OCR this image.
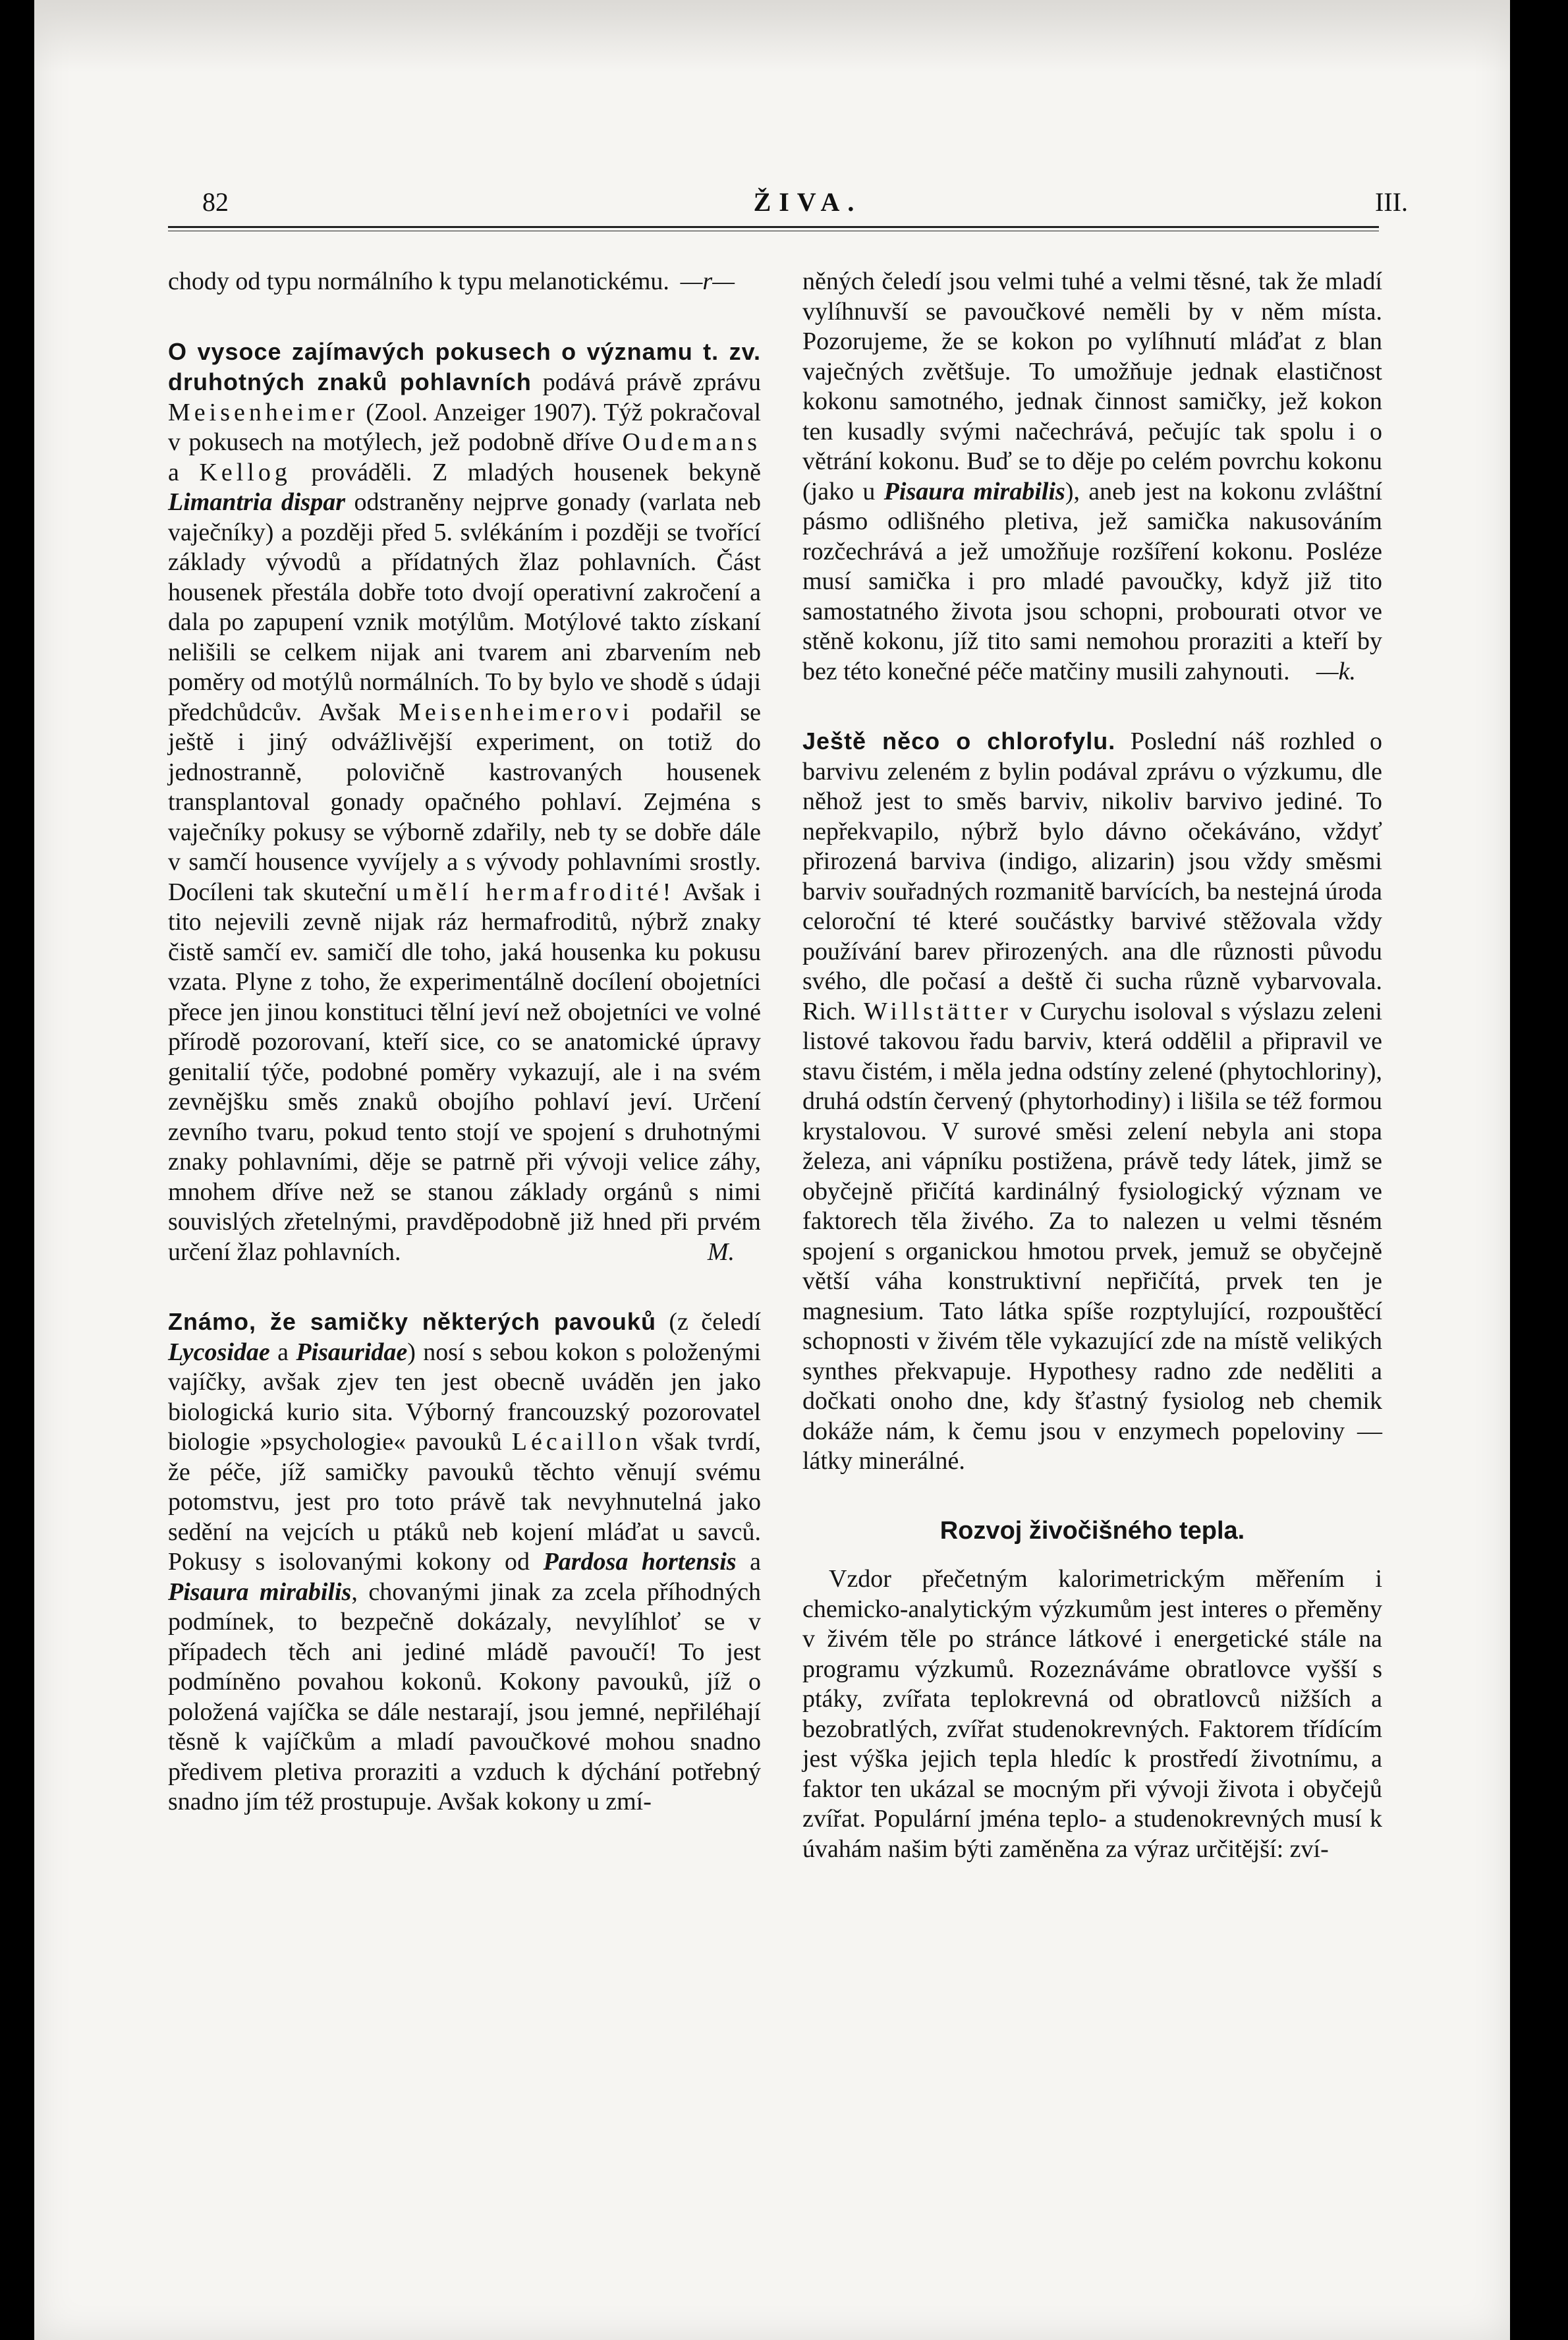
82	ŽIVA.	III.

chody od typu normálního k typu melanotickému. —r—

O vysoce zajímavých pokusech o významu t. zv. druhotných znaků pohlavních podává právě zprávu Meisenheimer (Zool. Anzeiger 1907). Týž pokračoval v pokusech na motýlech, jež podobně dříve Oudemans a Kellog prováděli. Z mladých housenek bekyně Limantria dispar odstraněny nejprve gonady (varlata neb vaječníky) a později před 5. svlékáním i později se tvořící základy vývodů a přídatných žlaz pohlavních. Část housenek přestála dobře toto dvojí operativní zakročení a dala po zapupení vznik motýlům. Motýlové takto získaní nelišili se celkem nijak ani tvarem ani zbarvením neb poměry od motýlů normálních. To by bylo ve shodě s údaji předchůdcův. Avšak Meisenheimerovi podařil se ještě i jiný odvážlivější experiment, on totiž do jednostranně, polovičně kastrovaných housenek transplantoval gonady opačného pohlaví. Zejména s vaječníky pokusy se výborně zdařily, neb ty se dobře dále v samčí housence vyvíjely a s vývody pohlavními srostly. Docíleni tak skuteční umělí hermafrodité! Avšak i tito nejevili zevně nijak ráz hermafroditů, nýbrž znaky čistě samčí ev. samičí dle toho, jaká housenka ku pokusu vzata. Plyne z toho, že experimentálně docílení obojetníci přece jen jinou konstituci tělní jeví než obojetníci ve volné přírodě pozorovaní, kteří sice, co se anatomické úpravy genitalií týče, podobné poměry vykazují, ale i na svém zevnějšku směs znaků obojího pohlaví jeví. Určení zevního tvaru, pokud tento stojí ve spojení s druhotnými znaky pohlavními, děje se patrně při vývoji velice záhy, mnohem dříve než se stanou základy orgánů s nimi souvislých zřetelnými, pravděpodobně již hned při prvém určení žlaz pohlavních.	M.

Známo, že samičky některých pavouků (z čeledí Lycosidae a Pisauridae) nosí s sebou kokon s položenými vajíčky, avšak zjev ten jest obecně uváděn jen jako biologická kurio sita. Výborný francouzský pozorovatel biologie »psychologie« pavouků Lécaillon však tvrdí, že péče, jíž samičky pavouků těchto věnují svému potomstvu, jest pro toto právě tak nevyhnutelná jako sedění na vejcích u ptáků neb kojení mláďat u savců. Pokusy s isolovanými kokony od Pardosa hortensis a Pisaura mirabilis, chovanými jinak za zcela příhodných podmínek, to bezpečně dokázaly, nevylíhloť se v případech těch ani jediné mládě pavoučí! To jest podmíněno povahou kokonů. Kokony pavouků, jíž o položená vajíčka se dále nestarají, jsou jemné, nepřiléhají těsně k vajíčkům a mladí pavoučkové mohou snadno předivem pletiva proraziti a vzduch k dýchání potřebný snadno jím též prostupuje. Avšak kokony u zmí-

něných čeledí jsou velmi tuhé a velmi těsné, tak že mladí vylíhnuvší se pavoučkové neměli by v něm místa. Pozorujeme, že se kokon po vylíhnutí mláďat z blan vaječných zvětšuje. To umožňuje jednak elastičnost kokonu samotného, jednak činnost samičky, jež kokon ten kusadly svými načechrává, pečujíc tak spolu i o větrání kokonu. Buď se to děje po celém povrchu kokonu (jako u Pisaura mirabilis), aneb jest na kokonu zvláštní pásmo odlišného pletiva, jež samička nakusováním rozčechrává a jež umožňuje rozšíření kokonu. Posléze musí samička i pro mladé pavoučky, když již tito samostatného života jsou schopni, probourati otvor ve stěně kokonu, jíž tito sami nemohou proraziti a kteří by bez této konečné péče matčiny musili zahynouti. —k.

Ještě něco o chlorofylu. Poslední náš rozhled o barvivu zeleném z bylin podával zprávu o výzkumu, dle něhož jest to směs barviv, nikoliv barvivo jediné. To nepřekvapilo, nýbrž bylo dávno očekáváno, vždyť přirozená barviva (indigo, alizarin) jsou vždy směsmi barviv souřadných rozmanitě barvících, ba nestejná úroda celoroční té které součástky barvivé stěžovala vždy používání barev přirozených. ana dle různosti původu svého, dle počasí a deště či sucha různě vybarvovala. Rich. Willstätter v Curychu isoloval s výslazu zeleni listové takovou řadu barviv, která oddělil a připravil ve stavu čistém, i měla jedna odstíny zelené (phytochloriny), druhá odstín červený (phytorhodiny) i lišila se též formou krystalovou. V surové směsi zelení nebyla ani stopa železa, ani vápníku postižena, právě tedy látek, jimž se obyčejně přičítá kardinálný fysiologický význam ve faktorech těla živého. Za to nalezen u velmi těsném spojení s organickou hmotou prvek, jemuž se obyčejně větší váha konstruktivní nepřičítá, prvek ten je magnesium. Tato látka spíše rozptylující, rozpouštěcí schopnosti v živém těle vykazující zde na místě velikých synthes překvapuje. Hypothesy radno zde neděliti a dočkati onoho dne, kdy šťastný fysiolog neb chemik dokáže nám, k čemu jsou v enzymech popeloviny — látky minerálné.

Rozvoj živočišného tepla.

Vzdor přečetným kalorimetrickým měřením i chemicko-analytickým výzkumům jest interes o přeměny v živém těle po stránce látkové i energetické stále na programu výzkumů. Rozeznáváme obratlovce vyšší s ptáky, zvířata teplokrevná od obratlovců nižších a bezobratlých, zvířat studenokrevných. Faktorem třídícím jest výška jejich tepla hledíc k prostředí životnímu, a faktor ten ukázal se mocným při vývoji života i obyčejů zvířat. Populární jména teplo- a studenokrevných musí k úvahám našim býti zaměněna za výraz určitější: zví-
